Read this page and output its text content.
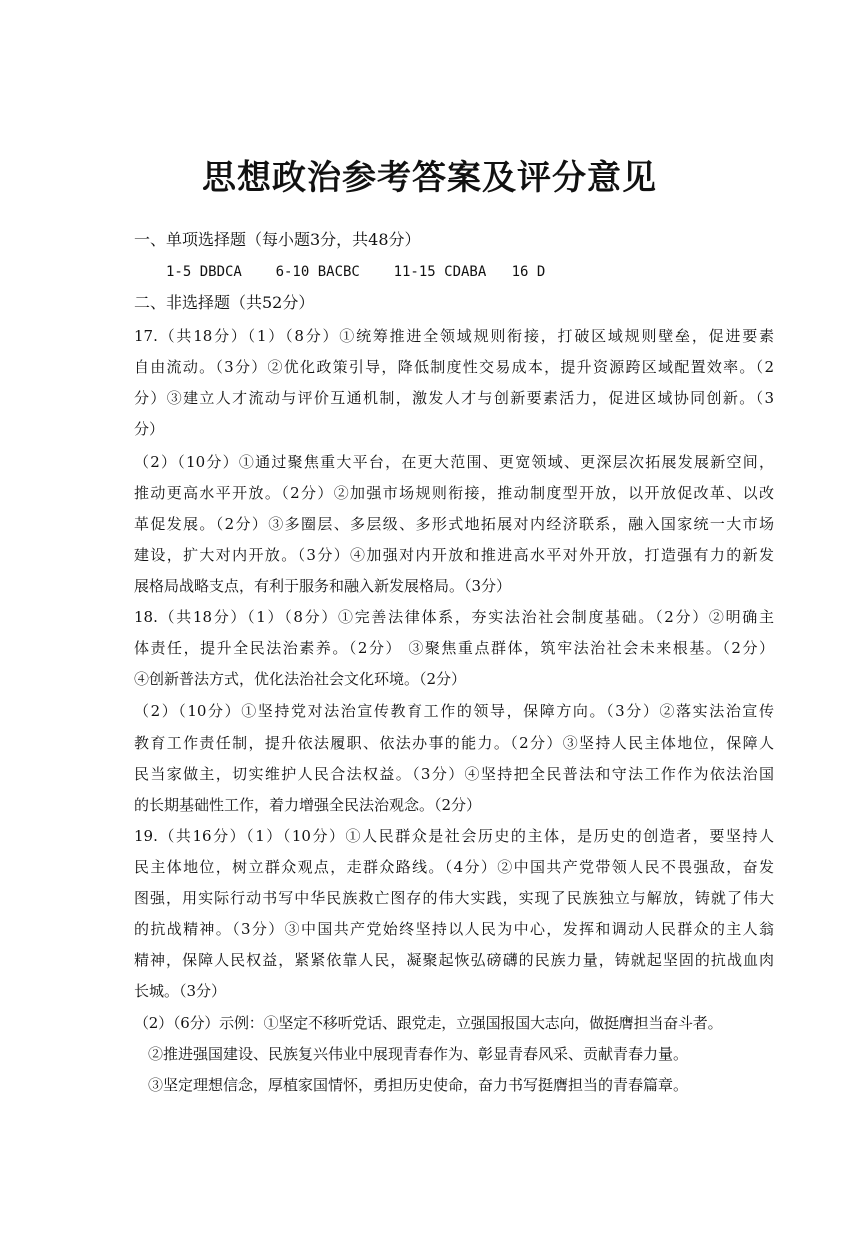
思想政治参考答案及评分意见

一、单项选择题（每小题3分，共48分）

1-5 DBDCA    6-10 BACBC    11-15 CDABA   16 D

二、非选择题（共52分）

17.（共18分）（1）（8分）①统筹推进全领域规则衔接，打破区域规则壁垒，促进要素

自由流动。（3分）②优化政策引导，降低制度性交易成本，提升资源跨区域配置效率。（2

分）③建立人才流动与评价互通机制，激发人才与创新要素活力，促进区域协同创新。（3

分）

（2）（10分）①通过聚焦重大平台，在更大范围、更宽领域、更深层次拓展发展新空间，

推动更高水平开放。（2分）②加强市场规则衔接，推动制度型开放，以开放促改革、以改

革促发展。（2分）③多圈层、多层级、多形式地拓展对内经济联系，融入国家统一大市场

建设，扩大对内开放。（3分）④加强对内开放和推进高水平对外开放，打造强有力的新发

展格局战略支点，有利于服务和融入新发展格局。（3分）

18.（共18分）（1）（8分）①完善法律体系，夯实法治社会制度基础。（2分）②明确主

体责任，提升全民法治素养。（2分） ③聚焦重点群体，筑牢法治社会未来根基。（2分）

④创新普法方式，优化法治社会文化环境。（2分）

（2）（10分）①坚持党对法治宣传教育工作的领导，保障方向。（3分）②落实法治宣传

教育工作责任制，提升依法履职、依法办事的能力。（2分）③坚持人民主体地位，保障人

民当家做主，切实维护人民合法权益。（3分）④坚持把全民普法和守法工作作为依法治国

的长期基础性工作，着力增强全民法治观念。（2分）

19.（共16分）（1）（10分）①人民群众是社会历史的主体，是历史的创造者，要坚持人

民主体地位，树立群众观点，走群众路线。（4分）②中国共产党带领人民不畏强敌，奋发

图强，用实际行动书写中华民族救亡图存的伟大实践，实现了民族独立与解放，铸就了伟大

的抗战精神。（3分）③中国共产党始终坚持以人民为中心，发挥和调动人民群众的主人翁

精神，保障人民权益，紧紧依靠人民，凝聚起恢弘磅礴的民族力量，铸就起坚固的抗战血肉

长城。（3分）

（2）（6分）示例：①坚定不移听党话、跟党走，立强国报国大志向，做挺膺担当奋斗者。

②推进强国建设、民族复兴伟业中展现青春作为、彰显青春风采、贡献青春力量。

③坚定理想信念，厚植家国情怀，勇担历史使命，奋力书写挺膺担当的青春篇章。
